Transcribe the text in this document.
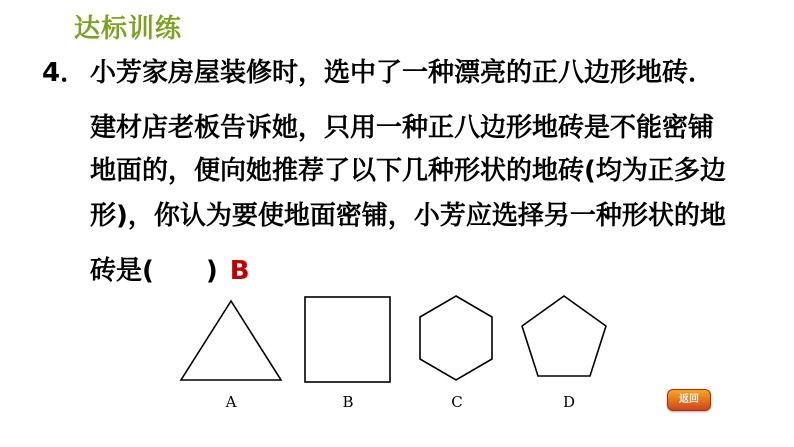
达标训练
4． 小芳家房屋装修时，选中了一种漂亮的正八边形地砖．
建材店老板告诉她，只用一种正八边形地砖是不能密铺
地面的，便向她推荐了以下几种形状的地砖(均为正多边
形)，你认为要使地面密铺，小芳应选择另一种形状的地
砖是( ) B
A	B	C	D	返回
